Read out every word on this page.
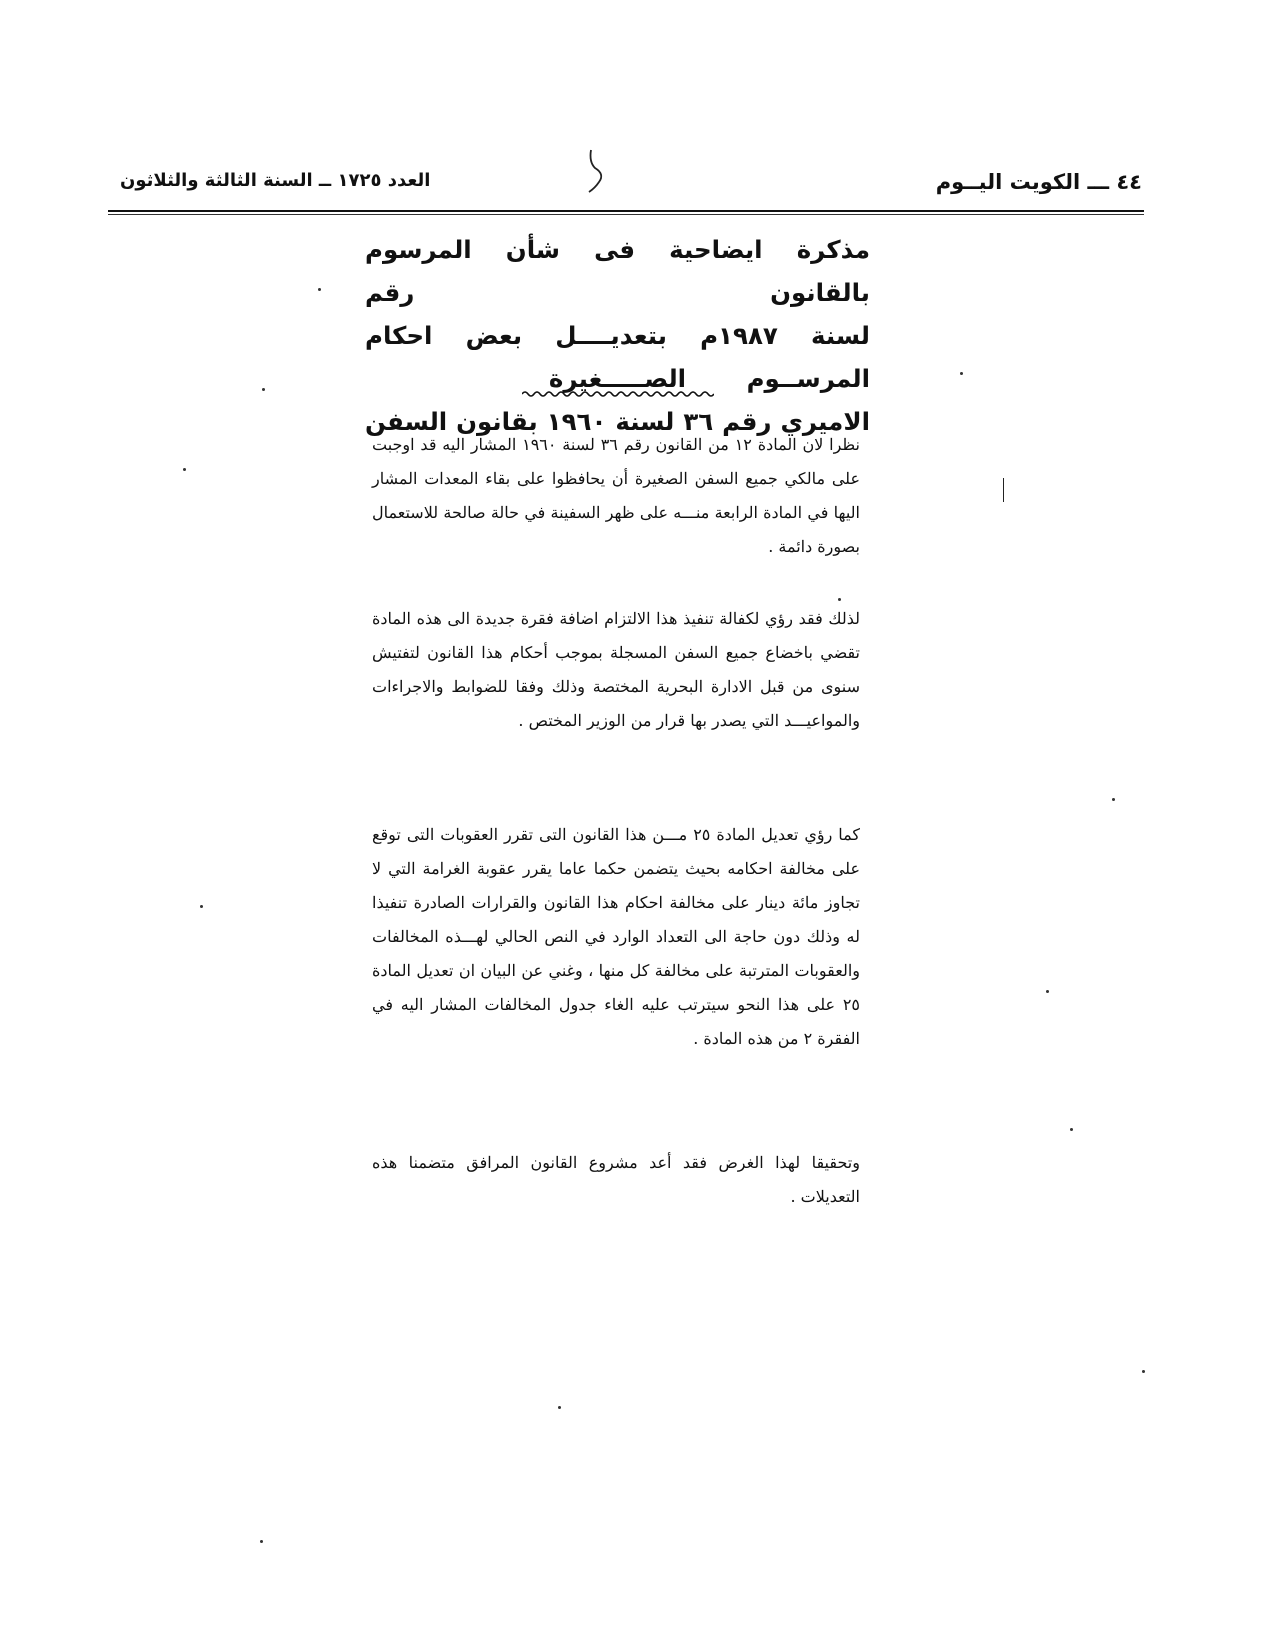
٤٤ ـــ الكويت اليــوم
العدد ١٧٢٥ ــ السنة الثالثة والثلاثون
مذكرة ايضاحية فى شأن المرسوم بالقانون رقم
لسنة ١٩٨٧م بتعديــــل بعض احكام المرســوم
الاميري رقم ٣٦ لسنة ١٩٦٠ بقانون السفن
الصـــــغيرة
نظرا لان المادة ١٢ من القانون رقم ٣٦ لسنة ١٩٦٠ المشار اليه قد اوجبت على مالكي جميع السفن الصغيرة أن يحافظوا على بقاء المعدات المشار اليها في المادة الرابعة منـــه على ظهر السفينة في حالة صالحة للاستعمال بصورة دائمة .
لذلك فقد رؤي لكفالة تنفيذ هذا الالتزام اضافة فقرة جديدة الى هذه المادة تقضي باخضاع جميع السفن المسجلة بموجب أحكام هذا القانون لتفتيش سنوى من قبل الادارة البحرية المختصة وذلك وفقا للضوابط والاجراءات والمواعيـــد التي يصدر بها قرار من الوزير المختص .
كما رؤي تعديل المادة ٢٥ مـــن هذا القانون التى تقرر العقوبات التى توقع على مخالفة احكامه بحيث يتضمن حكما عاما يقرر عقوبة الغرامة التي لا تجاوز مائة دينار على مخالفة احكام هذا القانون والقرارات الصادرة تنفيذا له وذلك دون حاجة الى التعداد الوارد في النص الحالي لهـــذه المخالفات والعقوبات المترتبة على مخالفة كل منها ، وغني عن البيان ان تعديل المادة ٢٥ على هذا النحو سيترتب عليه الغاء جدول المخالفات المشار اليه في الفقرة ٢ من هذه المادة .
وتحقيقا لهذا الغرض فقد أعد مشروع القانون المرافق متضمنا هذه التعديلات .
